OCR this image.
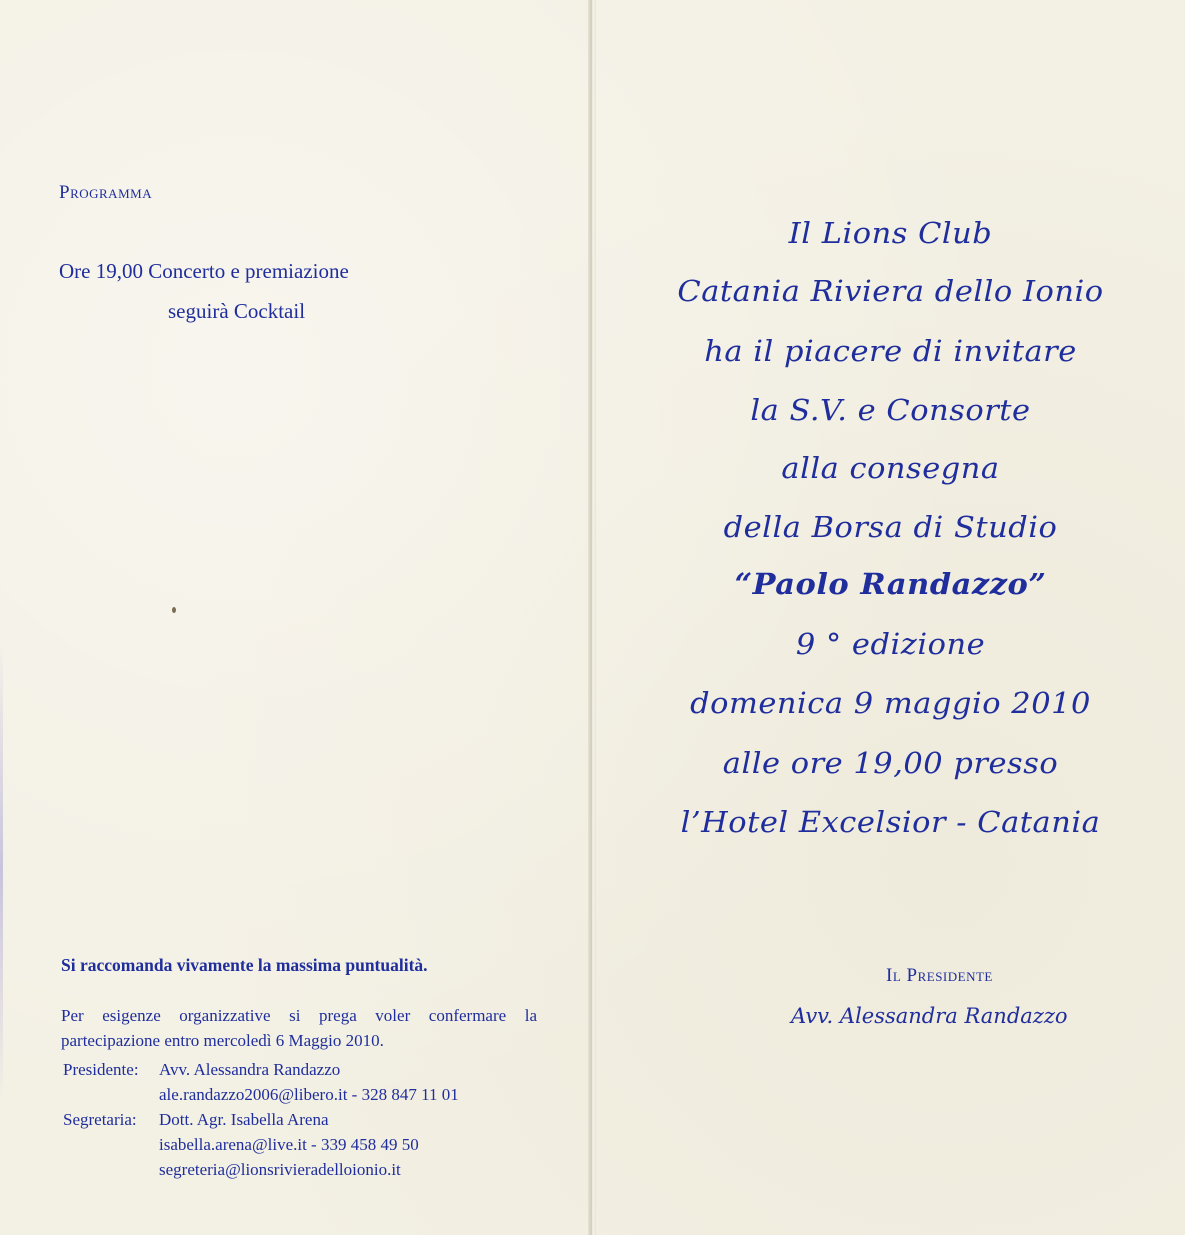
Programma
Ore 19,00 Concerto e premiazione
seguirà Cocktail
Si raccomanda vivamente la massima puntualità.
Per esigenze organizzative si prega voler confermare la
partecipazione entro mercoledì 6 Maggio 2010.
Presidente: Avv. Alessandra Randazzo
ale.randazzo2006@libero.it - 328 847 11 01
Segretaria: Dott. Agr. Isabella Arena
isabella.arena@live.it - 339 458 49 50
segreteria@lionsrivieradelloionio.it
Il Lions Club
Catania Riviera dello Ionio
ha il piacere di invitare
la S.V. e Consorte
alla consegna
della Borsa di Studio
“Paolo Randazzo”
9 ° edizione
domenica 9 maggio 2010
alle ore 19,00 presso
l’Hotel Excelsior - Catania
Il Presidente
Avv. Alessandra Randazzo
